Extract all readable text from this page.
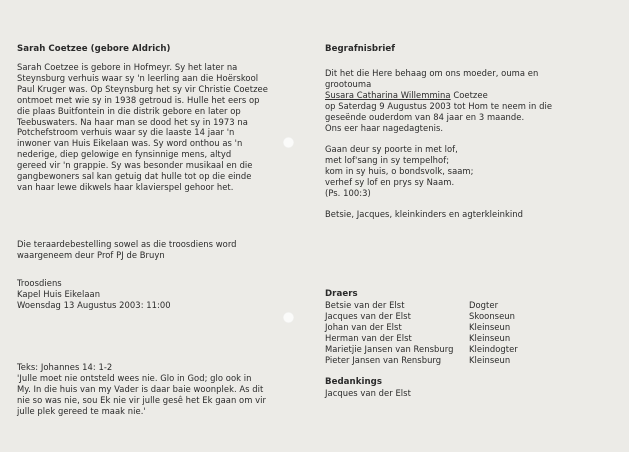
Sarah Coetzee (gebore Aldrich)

Sarah Coetzee is gebore in Hofmeyr. Sy het later na

Steynsburg verhuis waar sy 'n leerling aan die Hoërskool

Paul Kruger was. Op Steynsburg het sy vir Christie Coetzee

ontmoet met wie sy in 1938 getroud is. Hulle het eers op

die plaas Buitfontein in die distrik gebore en later op

Teebuswaters. Na haar man se dood het sy in 1973 na

Potchefstroom verhuis waar sy die laaste 14 jaar 'n

inwoner van Huis Eikelaan was. Sy word onthou as 'n

nederige, diep gelowige en fynsinnige mens, altyd

gereed vir 'n grappie. Sy was besonder musikaal en die

gangbewoners sal kan getuig dat hulle tot op die einde

van haar lewe dikwels haar klavierspel gehoor het.

Die teraardebestelling sowel as die troosdiens word

waargeneem deur Prof PJ de Bruyn

Troosdiens

Kapel Huis Eikelaan

Woensdag 13 Augustus 2003: 11:00

Teks: Johannes 14: 1-2

'Julle moet nie ontsteld wees nie. Glo in God; glo ook in

My. In die huis van my Vader is daar baie woonplek. As dit

nie so was nie, sou Ek nie vir julle gesê het Ek gaan om vir

julle plek gereed te maak nie.'

Begrafnisbrief

Dit het die Here behaag om ons moeder, ouma en

grootouma

Susara Catharina Willemmina Coetzee

op Saterdag 9 Augustus 2003 tot Hom te neem in die

geseënde ouderdom van 84 jaar en 3 maande.

Ons eer haar nagedagtenis.

Gaan deur sy poorte in met lof,

met lof'sang in sy tempelhof;

kom in sy huis, o bondsvolk, saam;

verhef sy lof en prys sy Naam.

(Ps. 100:3)

Betsie, Jacques, kleinkinders en agterkleinkind

Draers

Betsie van der Elst	Dogter
Jacques van der Elst	Skoonseun
Johan van der Elst	Kleinseun
Herman van der Elst	Kleinseun
Marietjie Jansen van Rensburg	Kleindogter
Pieter Jansen van Rensburg	Kleinseun

Bedankings

Jacques van der Elst
